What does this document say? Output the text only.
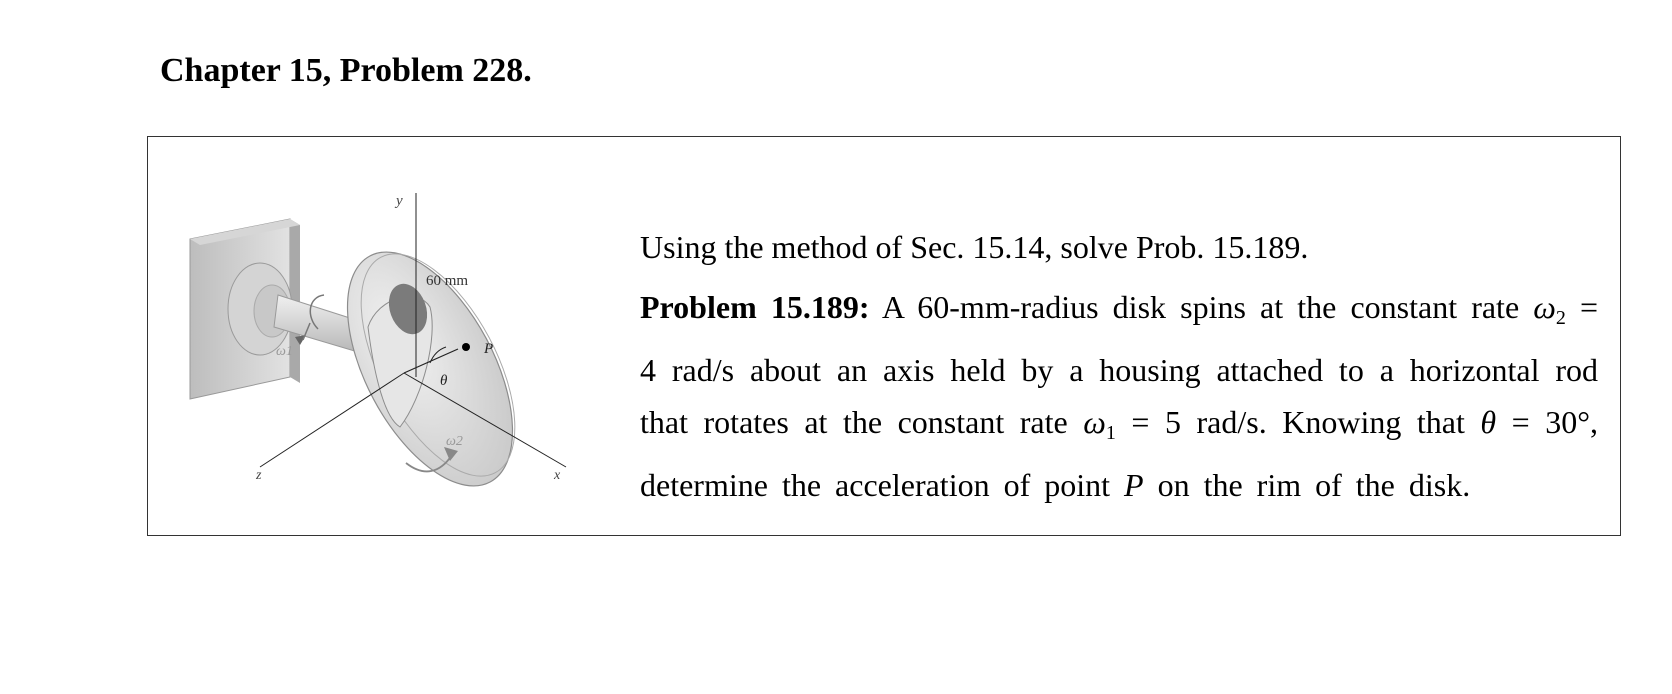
Chapter 15, Problem 228.
y
60 mm
P
θ
ω1
ω2
x
z

Using the method of Sec. 15.14, solve Prob. 15.189.

Problem 15.189: A 60-mm-radius disk spins at the constant rate $\omega_2 = 4$ rad/s about an axis held by a housing attached to a horizontal rod that rotates at the constant rate $\omega_1 = 5$ rad/s. Knowing that θ = 30°, determine the acceleration of point P on the rim of the disk.
